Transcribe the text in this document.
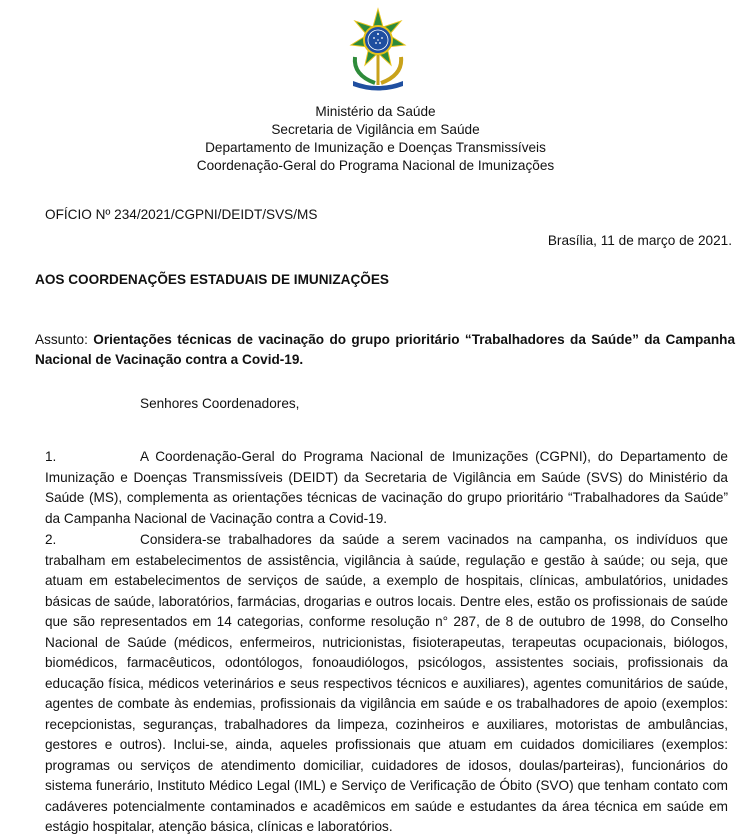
Ministério da Saúde
Secretaria de Vigilância em Saúde
Departamento de Imunização e Doenças Transmissíveis
Coordenação-Geral do Programa Nacional de Imunizações
OFÍCIO Nº 234/2021/CGPNI/DEIDT/SVS/MS
Brasília, 11 de março de 2021.
AOS COORDENAÇÕES ESTADUAIS DE IMUNIZAÇÕES
Assunto: Orientações técnicas de vacinação do grupo prioritário “Trabalhadores da Saúde” da Campanha Nacional de Vacinação contra a Covid-19.
Senhores Coordenadores,
1.	A Coordenação-Geral do Programa Nacional de Imunizações (CGPNI), do Departamento de Imunização e Doenças Transmissíveis (DEIDT) da Secretaria de Vigilância em Saúde (SVS) do Ministério da Saúde (MS), complementa as orientações técnicas de vacinação do grupo prioritário “Trabalhadores da Saúde” da Campanha Nacional de Vacinação contra a Covid-19.
2.	Considera-se trabalhadores da saúde a serem vacinados na campanha, os indivíduos que trabalham em estabelecimentos de assistência, vigilância à saúde, regulação e gestão à saúde; ou seja, que atuam em estabelecimentos de serviços de saúde, a exemplo de hospitais, clínicas, ambulatórios, unidades básicas de saúde, laboratórios, farmácias, drogarias e outros locais. Dentre eles, estão os profissionais de saúde que são representados em 14 categorias, conforme resolução n° 287, de 8 de outubro de 1998, do Conselho Nacional de Saúde (médicos, enfermeiros, nutricionistas, fisioterapeutas, terapeutas ocupacionais, biólogos, biomédicos, farmacêuticos, odontólogos, fonoaudiólogos, psicólogos, assistentes sociais, profissionais da educação física, médicos veterinários e seus respectivos técnicos e auxiliares), agentes comunitários de saúde, agentes de combate às endemias, profissionais da vigilância em saúde e os trabalhadores de apoio (exemplos: recepcionistas, seguranças, trabalhadores da limpeza, cozinheiros e auxiliares, motoristas de ambulâncias, gestores e outros). Inclui-se, ainda, aqueles profissionais que atuam em cuidados domiciliares (exemplos: programas ou serviços de atendimento domiciliar, cuidadores de idosos, doulas/parteiras), funcionários do sistema funerário, Instituto Médico Legal (IML) e Serviço de Verificação de Óbito (SVO) que tenham contato com cadáveres potencialmente contaminados e acadêmicos em saúde e estudantes da área técnica em saúde em estágio hospitalar, atenção básica, clínicas e laboratórios.
